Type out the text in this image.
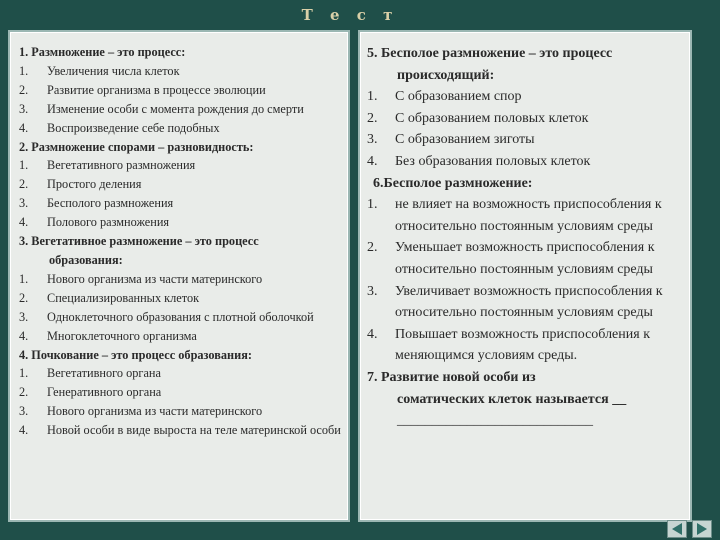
Т е с т
1. Размножение – это процесс:
1.	Увеличения числа клеток
2.	Развитие организма в процессе эволюции
3.	Изменение особи с момента рождения до смерти
4.	Воспроизведение себе подобных
2. Размножение спорами – разновидность:
1.	Вегетативного размножения
2.	Простого деления
3.	Бесполого размножения
4.	Полового размножения
3. Вегетативное размножение – это процесс
образования:
1.	Нового организма из части материнского
2.	Специализированных клеток
3.	Одноклеточного образования с плотной оболочкой
4.	Многоклеточного организма
4. Почкование – это процесс образования:
1.	Вегетативного органа
2.	Генеративного органа
3.	Нового организма из части материнского
4.	Новой особи в виде выроста на теле материнской особи
5. Бесполое размножение – это процесс
происходящий:
1.	С образованием спор
2.	С образованием половых клеток
3.	С образованием зиготы
4.	Без образования половых клеток
6.Бесполое размножение:
1.	не влияет на возможность приспособления к относительно постоянным условиям среды
2.	Уменьшает возможность приспособления к относительно постоянным условиям среды
3.	Увеличивает возможность приспособления к относительно постоянным условиям среды
4.	Повышает возможность приспособления к меняющимся условиям среды.
7. Развитие новой особи из
соматических клеток называется __
____________________________
